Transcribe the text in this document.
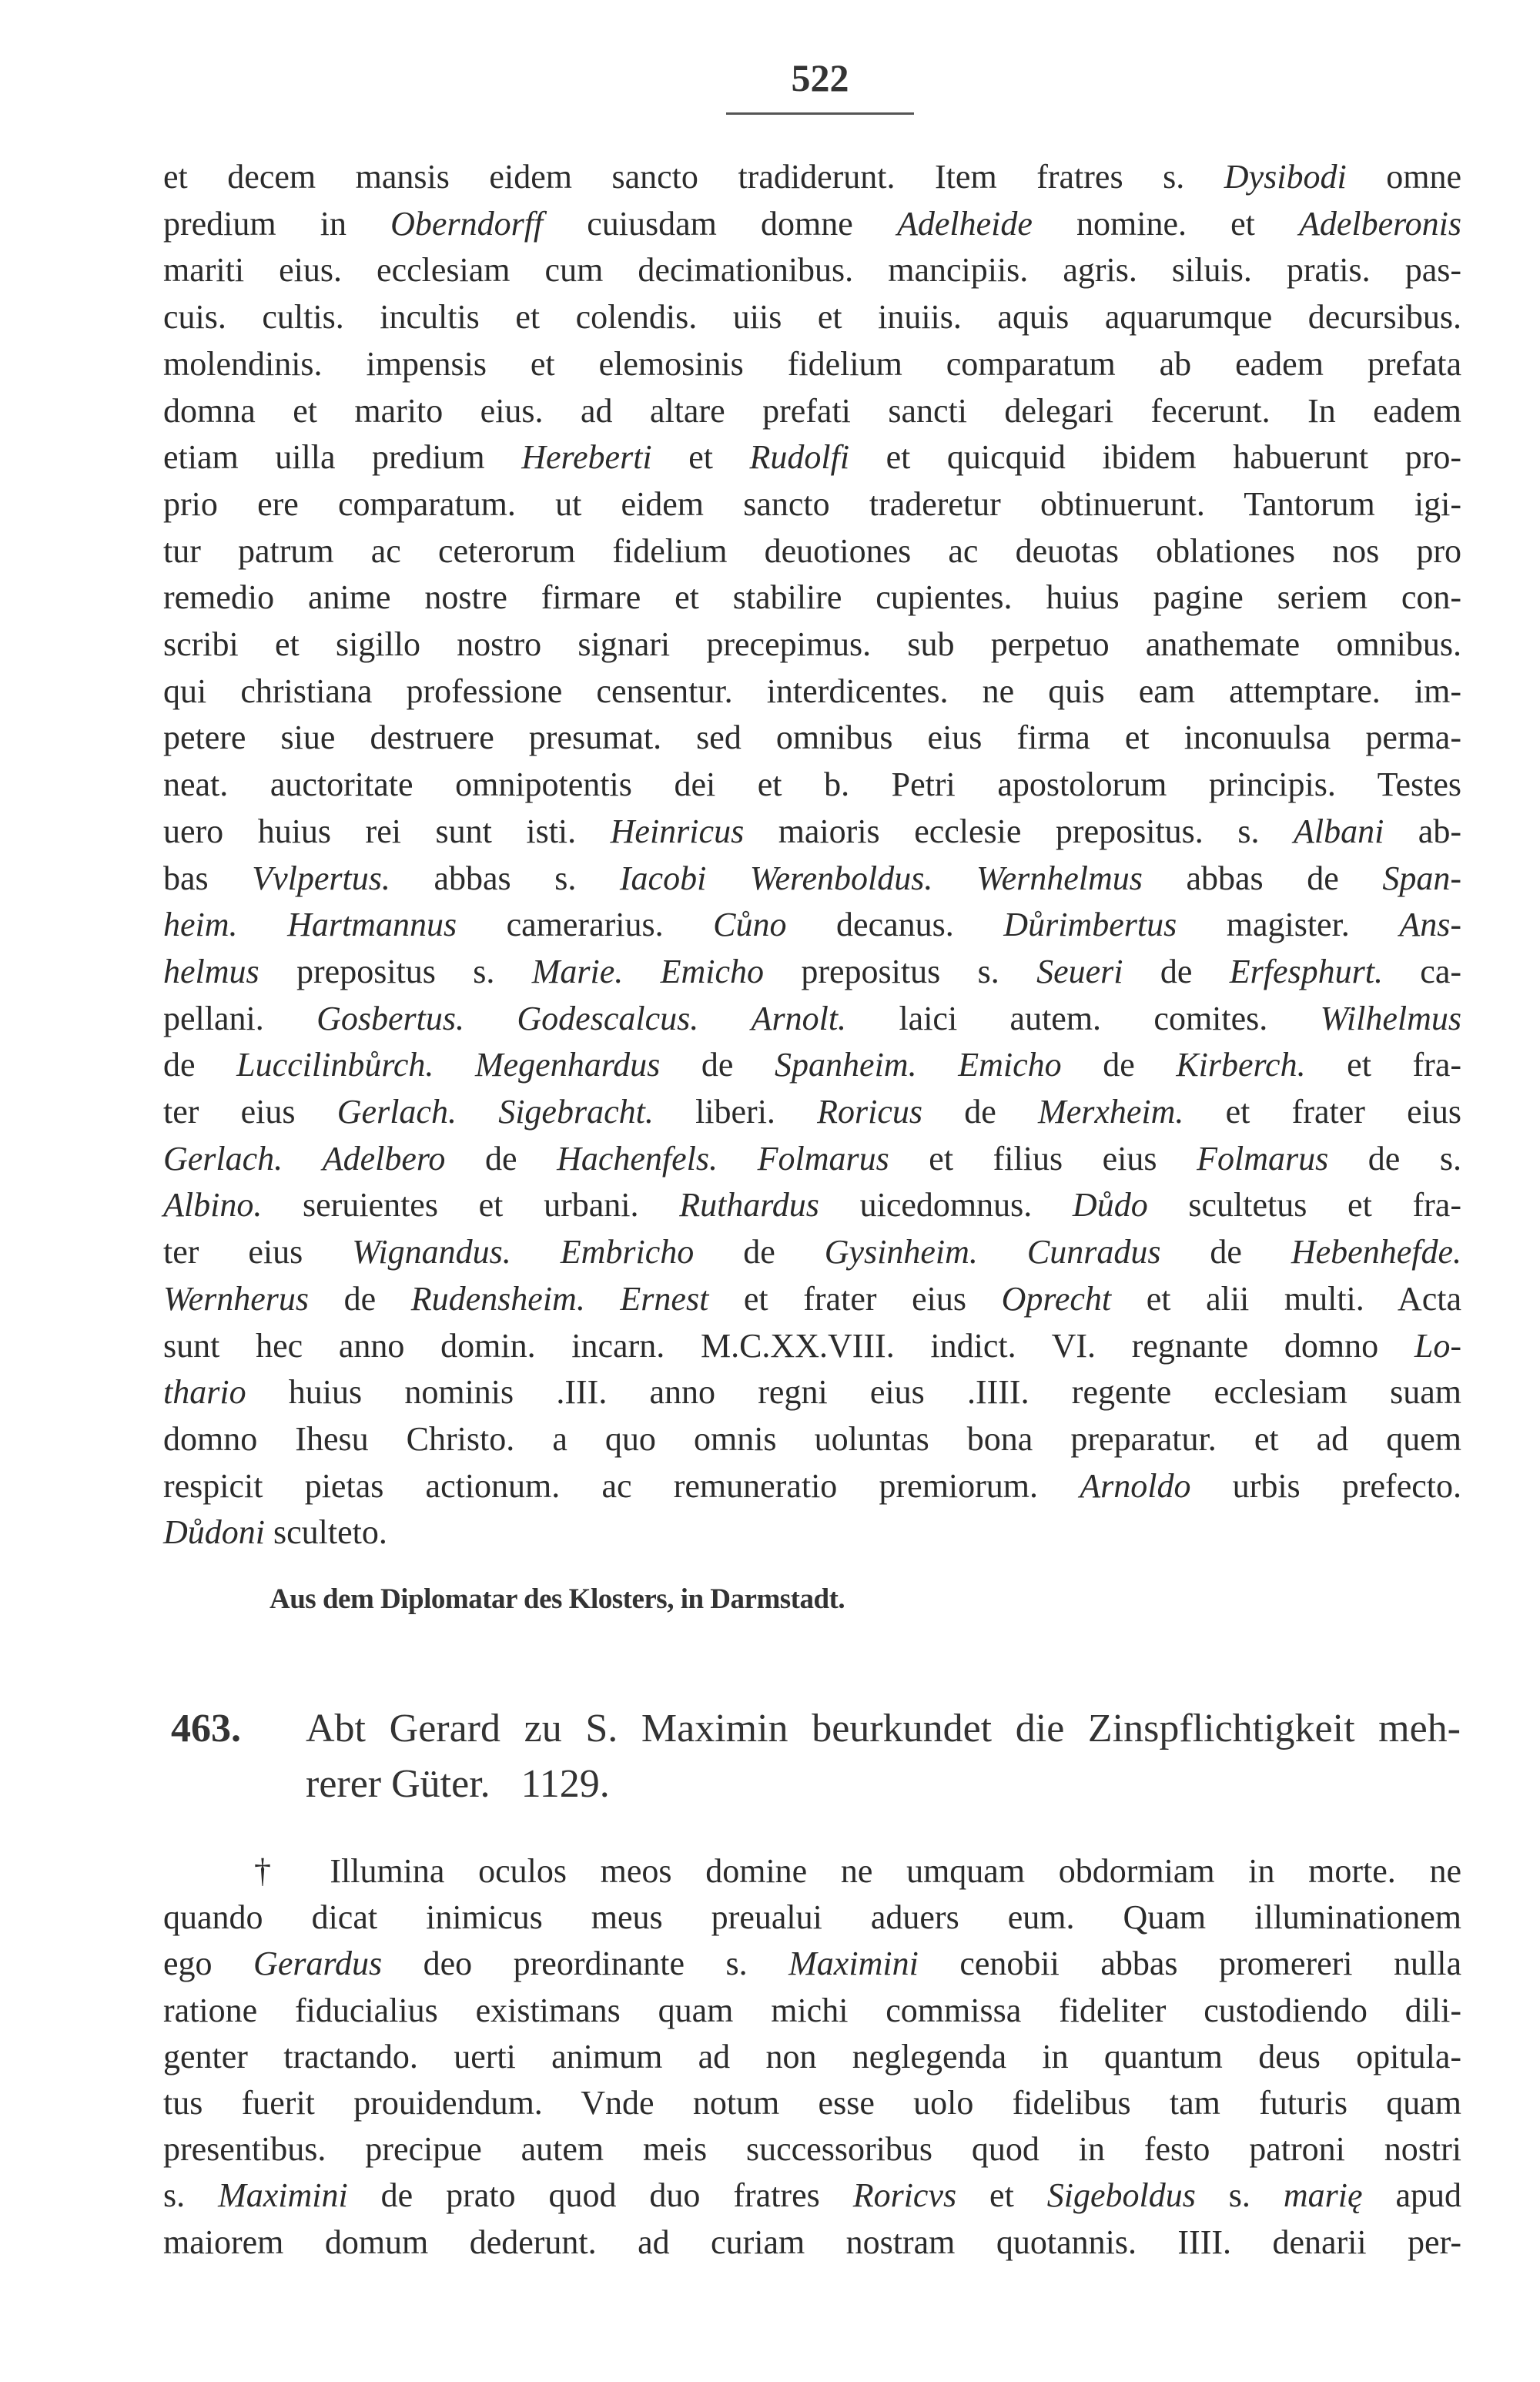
522
et decem mansis eidem sancto tradiderunt. Item fratres s. Dysibodi omne
predium in Oberndorff cuiusdam domne Adelheide nomine. et Adelberonis
mariti eius. ecclesiam cum decimationibus. mancipiis. agris. siluis. pratis. pas-
cuis. cultis. incultis et colendis. uiis et inuiis. aquis aquarumque decursibus.
molendinis. impensis et elemosinis fidelium comparatum ab eadem prefata
domna et marito eius. ad altare prefati sancti delegari fecerunt. In eadem
etiam uilla predium Hereberti et Rudolfi et quicquid ibidem habuerunt pro-
prio ere comparatum. ut eidem sancto traderetur obtinuerunt. Tantorum igi-
tur patrum ac ceterorum fidelium deuotiones ac deuotas oblationes nos pro
remedio anime nostre firmare et stabilire cupientes. huius pagine seriem con-
scribi et sigillo nostro signari precepimus. sub perpetuo anathemate omnibus.
qui christiana professione censentur. interdicentes. ne quis eam attemptare. im-
petere siue destruere presumat. sed omnibus eius firma et inconuulsa perma-
neat. auctoritate omnipotentis dei et b. Petri apostolorum principis. Testes
uero huius rei sunt isti. Heinricus maioris ecclesie prepositus. s. Albani ab-
bas Vvlpertus. abbas s. Iacobi Werenboldus. Wernhelmus abbas de Span-
heim. Hartmannus camerarius. Cůno decanus. Důrimbertus magister. Ans-
helmus prepositus s. Marie. Emicho prepositus s. Seueri de Erfesphurt. ca-
pellani. Gosbertus. Godescalcus. Arnolt. laici autem. comites. Wilhelmus
de Luccilinbůrch. Megenhardus de Spanheim. Emicho de Kirberch. et fra-
ter eius Gerlach. Sigebracht. liberi. Roricus de Merxheim. et frater eius
Gerlach. Adelbero de Hachenfels. Folmarus et filius eius Folmarus de s.
Albino. seruientes et urbani. Ruthardus uicedomnus. Důdo scultetus et fra-
ter eius Wignandus. Embricho de Gysinheim. Cunradus de Hebenhefde.
Wernherus de Rudensheim. Ernest et frater eius Oprecht et alii multi. Acta
sunt hec anno domin. incarn. M.C.XX.VIII. indict. VI. regnante domno Lo-
thario huius nominis .III. anno regni eius .IIII. regente ecclesiam suam
domno Ihesu Christo. a quo omnis uoluntas bona preparatur. et ad quem
respicit pietas actionum. ac remuneratio premiorum. Arnoldo urbis prefecto.
Důdoni sculteto.
Aus dem Diplomatar des Klosters, in Darmstadt.
463. Abt Gerard zu S. Maximin beurkundet die Zinspflichtigkeit meh-
rerer Güter. 1129.
† Illumina oculos meos domine ne umquam obdormiam in morte. ne
quando dicat inimicus meus preualui aduers eum. Quam illuminationem
ego Gerardus deo preordinante s. Maximini cenobii abbas promereri nulla
ratione fiducialius existimans quam michi commissa fideliter custodiendo dili-
genter tractando. uerti animum ad non neglegenda in quantum deus opitula-
tus fuerit prouidendum. Vnde notum esse uolo fidelibus tam futuris quam
presentibus. precipue autem meis successoribus quod in festo patroni nostri
s. Maximini de prato quod duo fratres Roricvs et Sigeboldus s. marię apud
maiorem domum dederunt. ad curiam nostram quotannis. IIII. denarii per-
